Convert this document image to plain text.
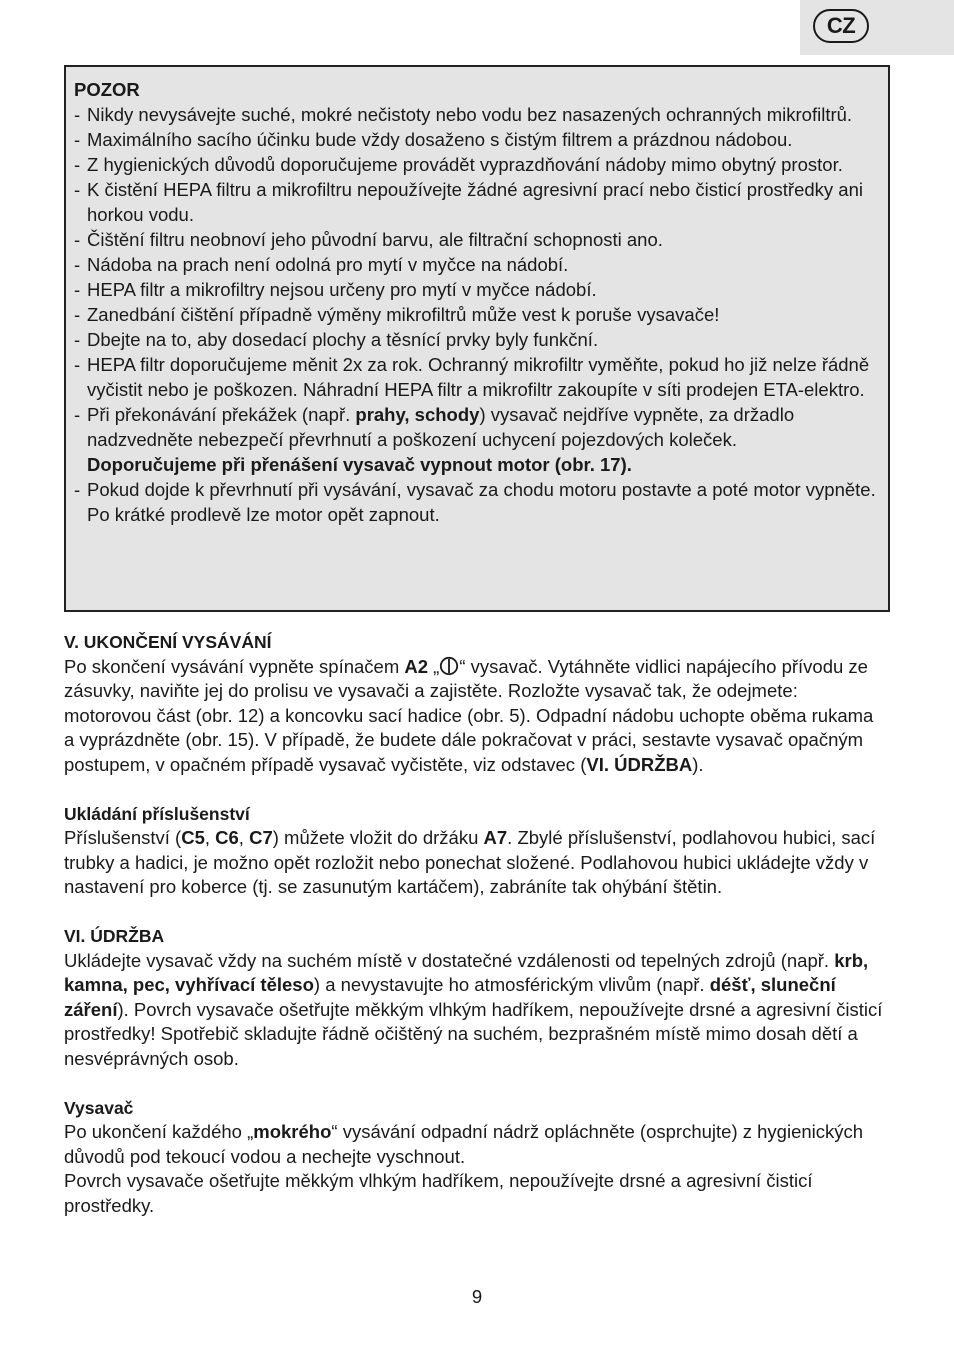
CZ
POZOR
- Nikdy nevysávejte suché, mokré nečistoty nebo vodu bez nasazených ochranných mikrofiltrů.
- Maximálního sacího účinku bude vždy dosaženo s čistým filtrem a prázdnou nádobou.
- Z hygienických důvodů doporučujeme provádět vyprazdňování nádoby mimo obytný prostor.
- K čistění HEPA filtru a mikrofiltru nepoužívejte žádné agresivní prací nebo čisticí prostředky ani horkou vodu.
- Čištění filtru neobnoví jeho původní barvu, ale filtrační schopnosti ano.
- Nádoba na prach není odolná pro mytí v myčce na nádobí.
- HEPA filtr a mikrofiltry nejsou určeny pro mytí v myčce nádobí.
- Zanedbání čištění případně výměny mikrofiltrů může vest k poruše vysavače!
- Dbejte na to, aby dosedací plochy a těsnící prvky byly funkční.
- HEPA filtr doporučujeme měnit 2x za rok. Ochranný mikrofiltr vyměňte, pokud ho již nelze řádně vyčistit nebo je poškozen. Náhradní HEPA filtr a mikrofiltr zakoupíte v síti prodejen ETA-elektro.
- Při překonávání překážek (např. prahy, schody) vysavač nejdříve vypněte, za držadlo nadzvedněte nebezpečí převrhnutí a poškození uchycení pojezdových koleček.
Doporučujeme při přenášení vysavač vypnout motor (obr. 17).
- Pokud dojde k převrhnutí při vysávání, vysavač za chodu motoru postavte a poté motor vypněte. Po krátké prodlevě lze motor opět zapnout.
V. UKONČENÍ VYSÁVÁNÍ

Po skončení vysávání vypněte spínačem A2 „ “ vysavač. Vytáhněte vidlici napájecího přívodu ze zásuvky, naviňte jej do prolisu ve vysavači a zajistěte. Rozložte vysavač tak, že odejmete: motorovou část (obr. 12) a koncovku sací hadice (obr. 5). Odpadní nádobu uchopte oběma rukama a vyprázdněte (obr. 15). V případě, že budete dále pokračovat v práci, sestavte vysavač opačným postupem, v opačném případě vysavač vyčistěte, viz odstavec (VI. ÚDRŽBA).

Ukládání příslušenství

Příslušenství (C5, C6, C7) můžete vložit do držáku A7. Zbylé příslušenství, podlahovou hubici, sací trubky a hadici, je možno opět rozložit nebo ponechat složené. Podlahovou hubici ukládejte vždy v nastavení pro koberce (tj. se zasunutým kartáčem), zabráníte tak ohýbání štětin.

VI. ÚDRŽBA

Ukládejte vysavač vždy na suchém místě v dostatečné vzdálenosti od tepelných zdrojů (např. krb, kamna, pec, vyhřívací těleso) a nevystavujte ho atmosférickým vlivům (např. déšť, sluneční záření). Povrch vysavače ošetřujte měkkým vlhkým hadříkem, nepoužívejte drsné a agresivní čisticí prostředky! Spotřebič skladujte řádně očištěný na suchém, bezprašném místě mimo dosah dětí a nesvéprávných osob.

Vysavač

Po ukončení každého „mokrého“ vysávání odpadní nádrž opláchněte (osprchujte) z hygienických důvodů pod tekoucí vodou a nechejte vyschnout.

Povrch vysavače ošetřujte měkkým vlhkým hadříkem, nepoužívejte drsné a agresivní čisticí prostředky.

9
